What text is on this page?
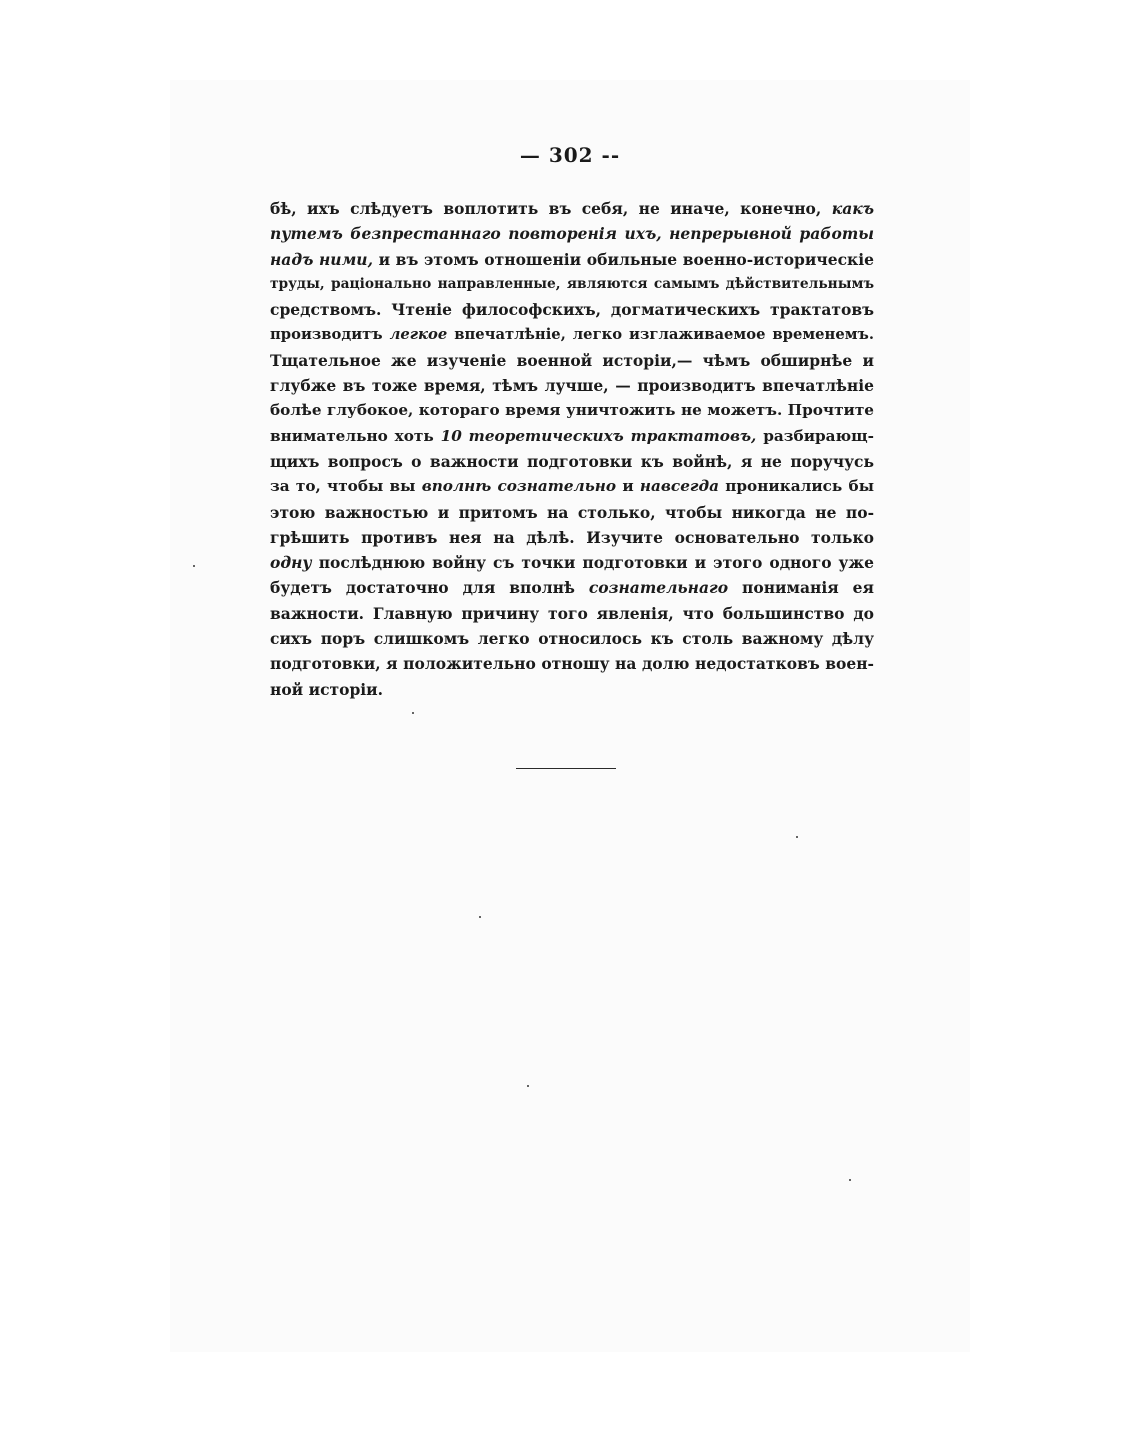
— 302 --
бѣ, ихъ слѣдуетъ воплотить въ себя, не иначе, конечно, какъ
путемъ безпрестаннаго повторенія ихъ, непрерывной работы
надъ ними, и въ этомъ отношеніи обильные военно-историческіе
труды, раціонально направленные, являются самымъ дѣйствительнымъ
средствомъ. Чтеніе философскихъ, догматическихъ трактатовъ
производитъ легкое впечатлѣніе, легко изглаживаемое временемъ.
Тщательное же изученіе военной исторіи,— чѣмъ обширнѣе и
глубже въ тоже время, тѣмъ лучше, — производитъ впечатлѣніе
болѣе глубокое, котораго время уничтожить не можетъ. Прочтите
внимательно хоть 10 теоретическихъ трактатовъ, разбирающ-
щихъ вопросъ о важности подготовки къ войнѣ, я не поручусь
за то, чтобы вы вполнѣ сознательно и навсегда проникались бы
этою важностью и притомъ на столько, чтобы никогда не по-
грѣшить противъ нея на дѣлѣ. Изучите основательно только
одну послѣднюю войну съ точки подготовки и этого одного уже
будетъ достаточно для вполнѣ сознательнаго пониманія ея
важности. Главную причину того явленія, что большинство до
сихъ поръ слишкомъ легко относилось къ столь важному дѣлу
подготовки, я положительно отношу на долю недостатковъ воен-
ной исторіи.
